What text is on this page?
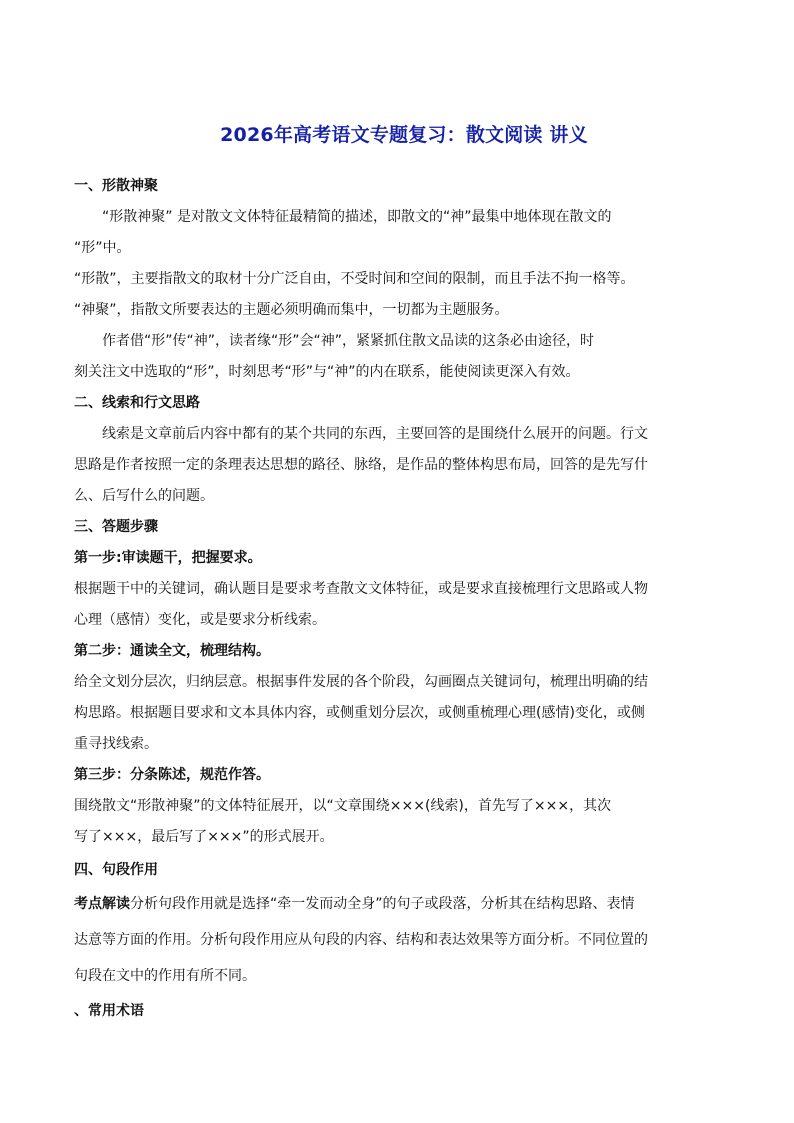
2026年高考语文专题复习：散文阅读 讲义
一、形散神聚

“形散神聚” 是对散文文体特征最精简的描述，即散文的“神”最集中地体现在散文的
“形”中。

“形散”，主要指散文的取材十分广泛自由，不受时间和空间的限制，而且手法不拘一格等。

“神聚”，指散文所要表达的主题必须明确而集中，一切都为主题服务。

作者借“形”传“神”，读者缘“形”会“神”，紧紧抓住散文品读的这条必由途径，时
刻关注文中选取的“形”，时刻思考“形”与“神”的内在联系，能使阅读更深入有效。

二、线索和行文思路

线索是文章前后内容中都有的某个共同的东西，主要回答的是围绕什么展开的问题。行文
思路是作者按照一定的条理表达思想的路径、脉络，是作品的整体构思布局，回答的是先写什
么、后写什么的问题。

三、答题步骤
第一步:审读题干，把握要求。

根据题干中的关键词，确认题目是要求考查散文文体特征，或是要求直接梳理行文思路或人物
心理（感情）变化，或是要求分析线索。

第二步：通读全文，梳理结构。

给全文划分层次，归纳层意。根据事件发展的各个阶段，勾画圈点关键词句，梳理出明确的结
构思路。根据题目要求和文本具体内容，或侧重划分层次，或侧重梳理心理(感情)变化，或侧
重寻找线索。

第三步：分条陈述，规范作答。

围绕散文“形散神聚”的文体特征展开，以“文章围绕×××(线索)，首先写了×××，其次
写了×××，最后写了×××”的形式展开。

四、句段作用

考点解读分析句段作用就是选择“牵一发而动全身”的句子或段落，分析其在结构思路、表情
达意等方面的作用。分析句段作用应从句段的内容、结构和表达效果等方面分析。不同位置的
句段在文中的作用有所不同。

、常用术语
